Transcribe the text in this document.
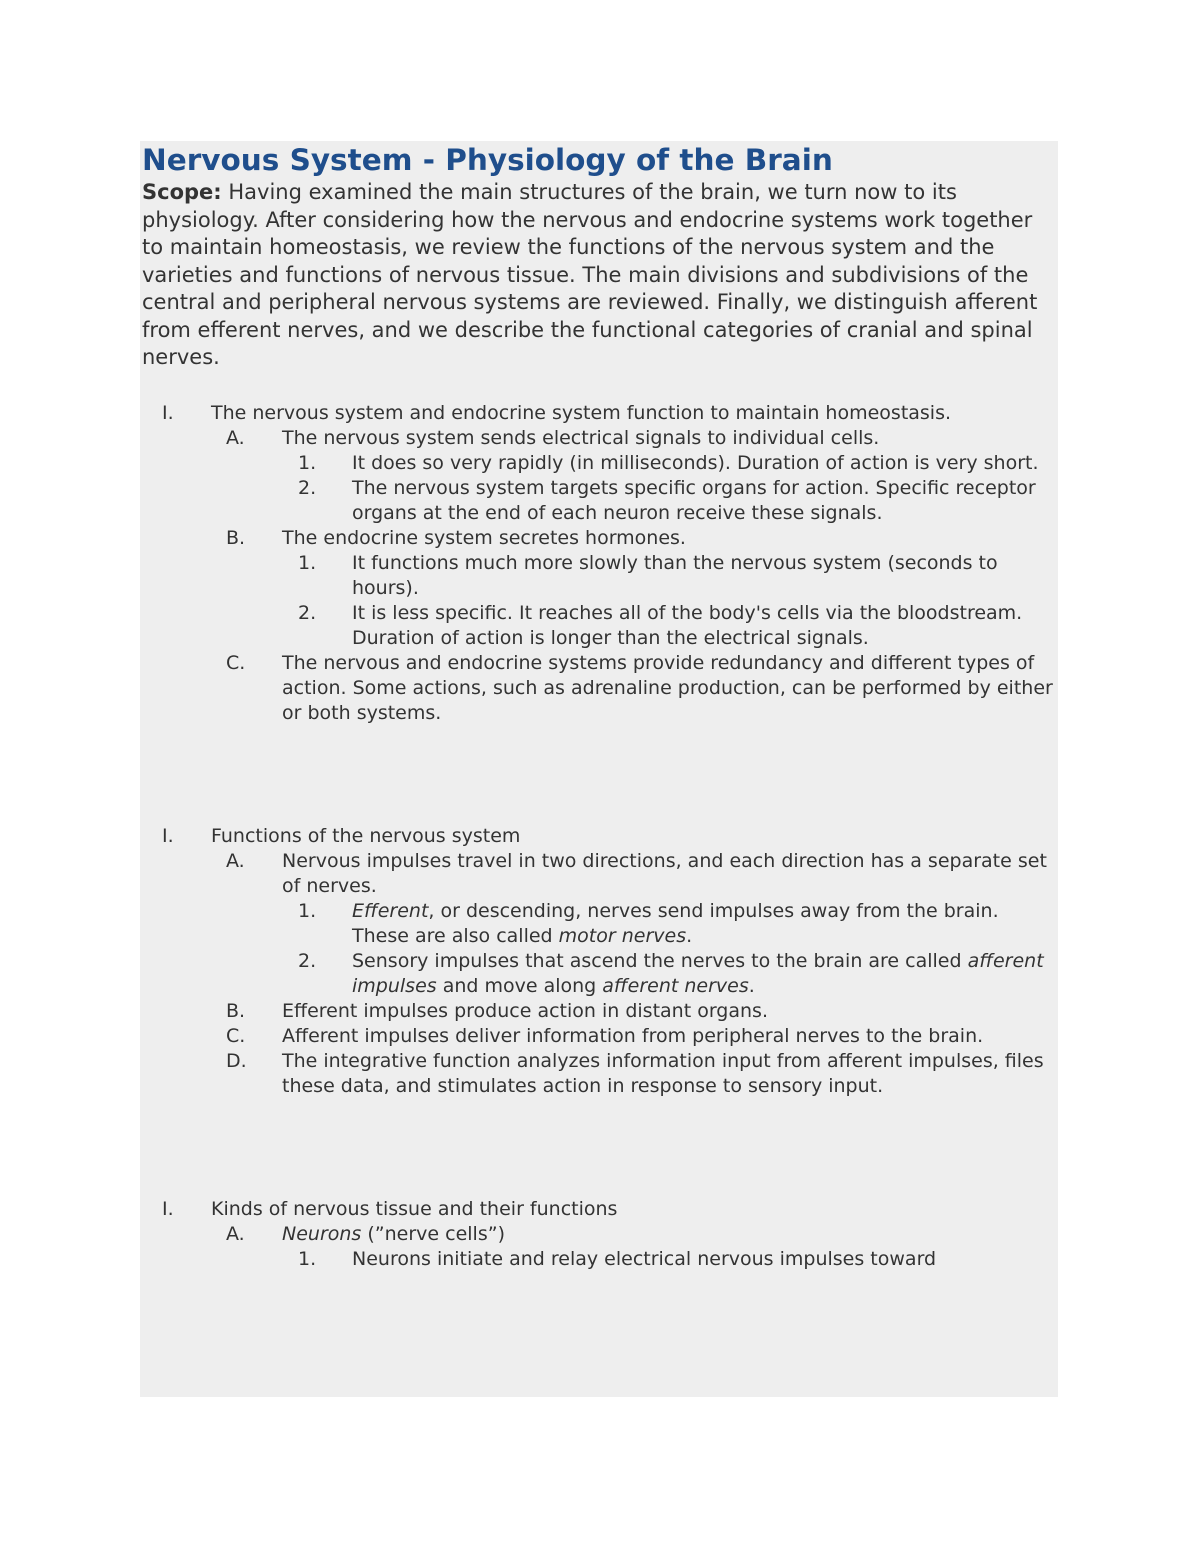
Nervous System - Physiology of the Brain

Scope: Having examined the main structures of the brain, we turn now to its physiology. After considering how the nervous and endocrine systems work together to maintain homeostasis, we review the functions of the nervous system and the varieties and functions of nervous tissue. The main divisions and subdivisions of the central and peripheral nervous systems are reviewed. Finally, we distinguish afferent from efferent nerves, and we describe the functional categories of cranial and spinal nerves.

I. The nervous system and endocrine system function to maintain homeostasis.
A. The nervous system sends electrical signals to individual cells.
1. It does so very rapidly (in milliseconds). Duration of action is very short.
2. The nervous system targets specific organs for action. Specific receptor organs at the end of each neuron receive these signals.
B. The endocrine system secretes hormones.
1. It functions much more slowly than the nervous system (seconds to hours).
2. It is less specific. It reaches all of the body's cells via the bloodstream. Duration of action is longer than the electrical signals.
C. The nervous and endocrine systems provide redundancy and different types of action. Some actions, such as adrenaline production, can be performed by either or both systems.
I. Functions of the nervous system
A. Nervous impulses travel in two directions, and each direction has a separate set of nerves.
1. Efferent, or descending, nerves send impulses away from the brain. These are also called motor nerves.
2. Sensory impulses that ascend the nerves to the brain are called afferent impulses and move along afferent nerves.
B. Efferent impulses produce action in distant organs.
C. Afferent impulses deliver information from peripheral nerves to the brain.
D. The integrative function analyzes information input from afferent impulses, files these data, and stimulates action in response to sensory input.
I. Kinds of nervous tissue and their functions
A. Neurons (”nerve cells”)
1. Neurons initiate and relay electrical nervous impulses toward
